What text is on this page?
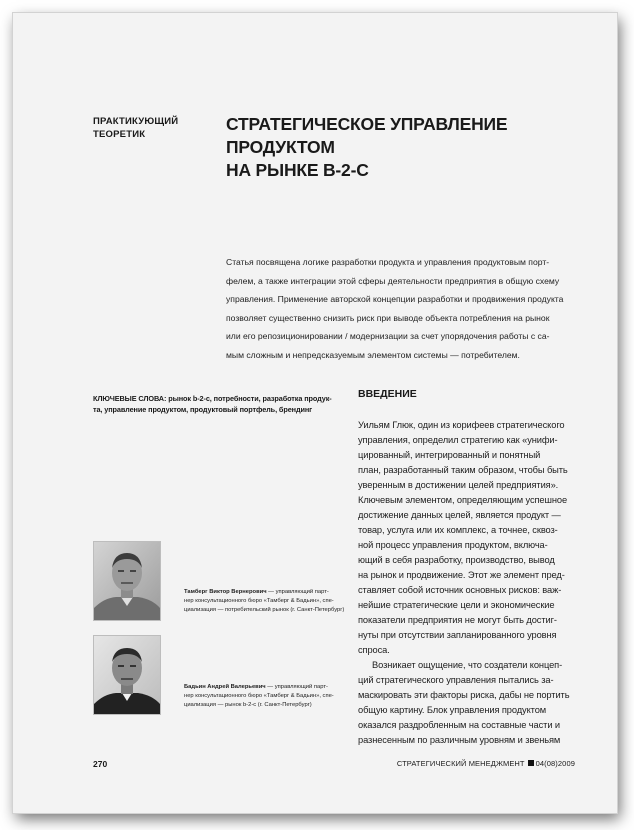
ПРАКТИКУЮЩИЙ
ТЕОРЕТИК
СТРАТЕГИЧЕСКОЕ УПРАВЛЕНИЕ ПРОДУКТОМ
НА РЫНКЕ B-2-C
Статья посвящена логике разработки продукта и управления продуктовым порт-
фелем, а также интеграции этой сферы деятельности предприятия в общую схему
управления. Применение авторской концепции разработки и продвижения продукта
позволяет существенно снизить риск при выводе объекта потребления на рынок
или его репозиционировании / модернизации за счет упорядочения работы с са-
мым сложным и непредсказуемым элементом системы — потребителем.
КЛЮЧЕВЫЕ СЛОВА: рынок b-2-c, потребности, разработка продук-
та, управление продуктом, продуктовый портфель, брендинг
ВВЕДЕНИЕ
Уильям Глюк, один из корифеев стратегического
управления, определил стратегию как «унифи-
цированный, интегрированный и понятный
план, разработанный таким образом, чтобы быть
уверенным в достижении целей предприятия».
Ключевым элементом, определяющим успешное
достижение данных целей, является продукт —
товар, услуга или их комплекс, а точнее, сквоз-
ной процесс управления продуктом, включа-
ющий в себя разработку, производство, вывод
на рынок и продвижение. Этот же элемент пред-
ставляет собой источник основных рисков: важ-
нейшие стратегические цели и экономические
показатели предприятия не могут быть достиг-
нуты при отсутствии запланированного уровня
спроса.
Возникает ощущение, что создатели концеп-
ций стратегического управления пытались за-
маскировать эти факторы риска, дабы не портить
общую картину. Блок управления продуктом
оказался раздробленным на составные части и
разнесенным по различным уровням и звеньям
Тамберг Виктор Вернерович — управляющий парт-
нер консультационного бюро «Тамберг & Бадьин», спе-
циализация — потребительский рынок (г. Санкт-Петербург)
Бадьин Андрей Валерьевич — управляющий парт-
нер консультационного бюро «Тамберг & Бадьин», спе-
циализация — рынок b-2-c (г. Санкт-Петербург)
270	СТРАТЕГИЧЕСКИЙ МЕНЕДЖМЕНТ 04(08)2009
